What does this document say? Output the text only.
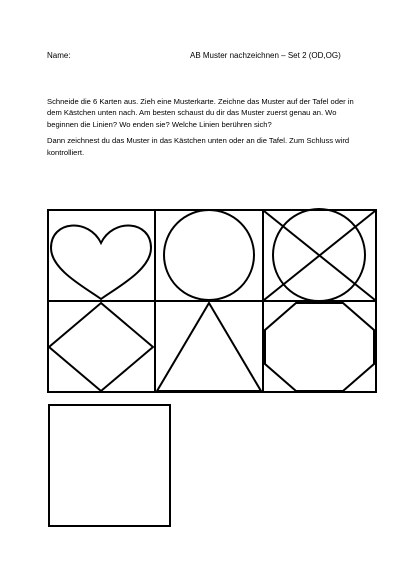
Name:	AB Muster nachzeichnen – Set 2 (OD,OG)

Schneide die 6 Karten aus. Zieh eine Musterkarte. Zeichne das Muster auf der Tafel oder in dem Kästchen unten nach. Am besten schaust du dir das Muster zuerst genau an. Wo beginnen die Linien? Wo enden sie? Welche Linien berühren sich?

Dann zeichnest du das Muster in das Kästchen unten oder an die Tafel. Zum Schluss wird kontrolliert.
